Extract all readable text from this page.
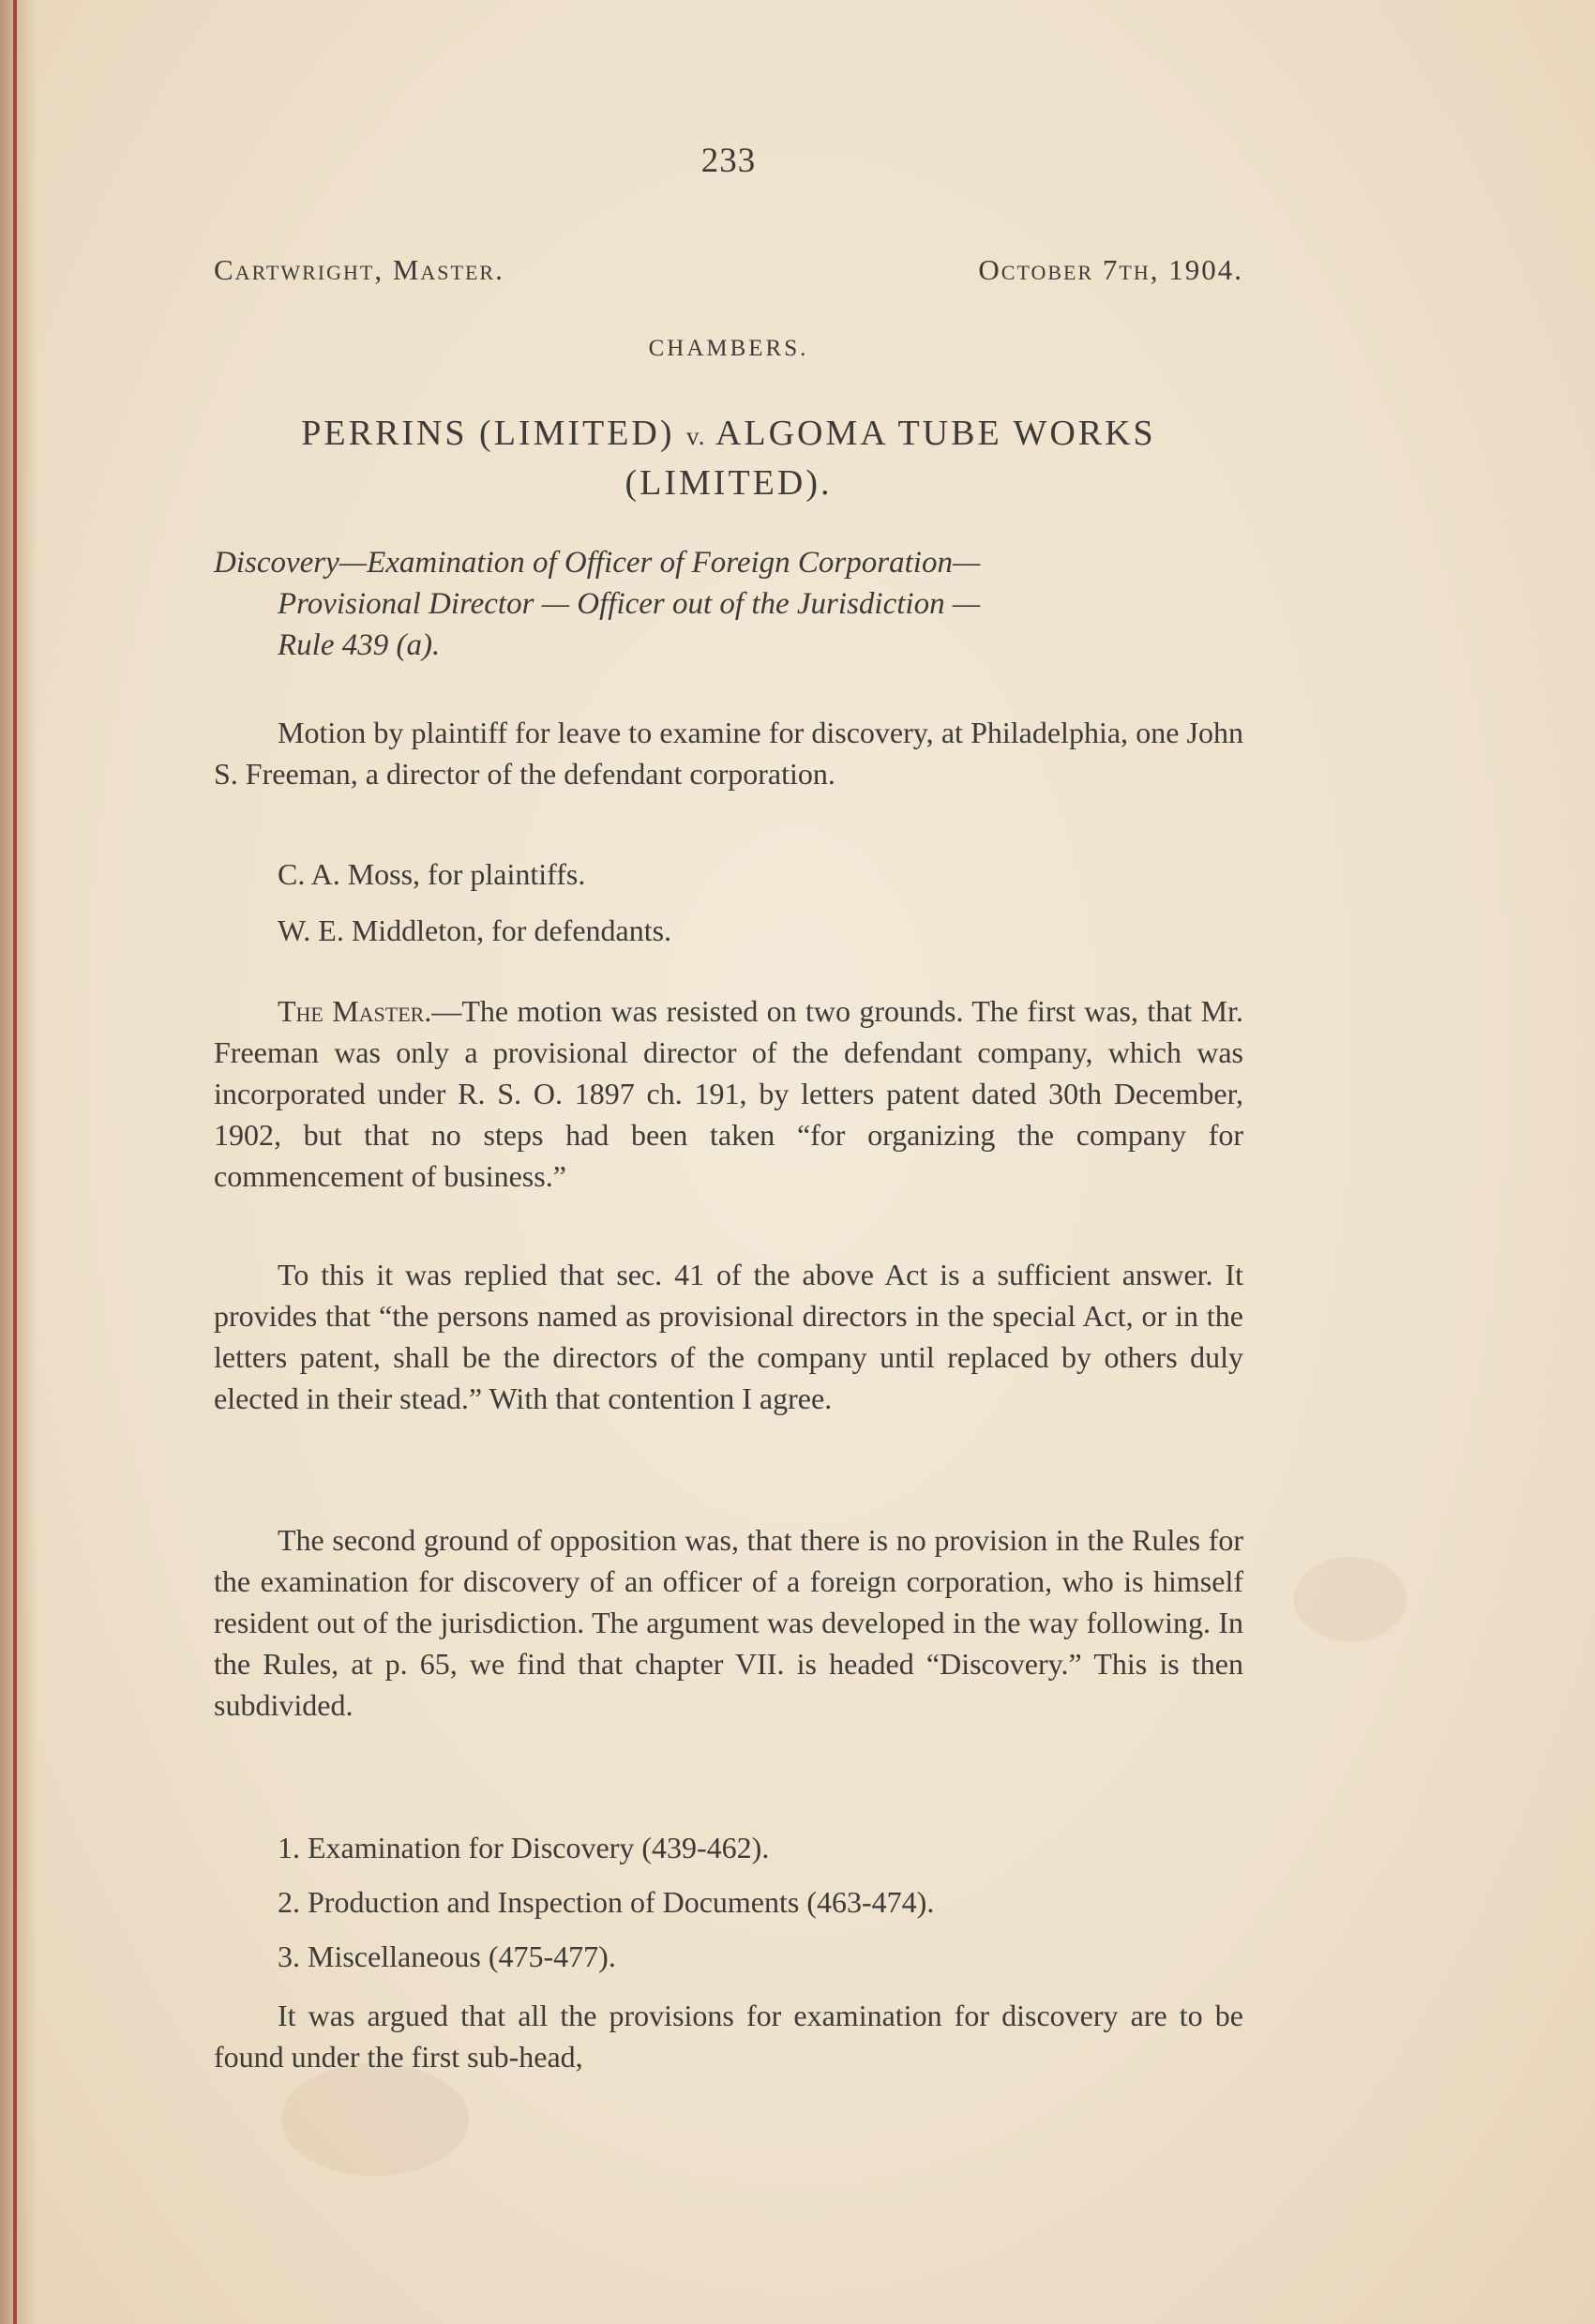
233
Cartwright, Master.	October 7th, 1904.
CHAMBERS.
PERRINS (LIMITED) v. ALGOMA TUBE WORKS
(LIMITED).
Discovery—Examination of Officer of Foreign Corporation—
Provisional Director — Officer out of the Jurisdiction —
Rule 439 (a).
Motion by plaintiff for leave to examine for discovery, at Philadelphia, one John S. Freeman, a director of the defendant corporation.
C. A. Moss, for plaintiffs.
W. E. Middleton, for defendants.
The Master.—The motion was resisted on two grounds. The first was, that Mr. Freeman was only a provisional director of the defendant company, which was incorporated under R. S. O. 1897 ch. 191, by letters patent dated 30th December, 1902, but that no steps had been taken “for organizing the company for commencement of business.”
To this it was replied that sec. 41 of the above Act is a sufficient answer. It provides that “the persons named as provisional directors in the special Act, or in the letters patent, shall be the directors of the company until replaced by others duly elected in their stead.” With that contention I agree.
The second ground of opposition was, that there is no provision in the Rules for the examination for discovery of an officer of a foreign corporation, who is himself resident out of the jurisdiction. The argument was developed in the way following. In the Rules, at p. 65, we find that chapter VII. is headed “Discovery.” This is then subdivided.
1. Examination for Discovery (439-462).
2. Production and Inspection of Documents (463-474).
3. Miscellaneous (475-477).
It was argued that all the provisions for examination for discovery are to be found under the first sub-head,
